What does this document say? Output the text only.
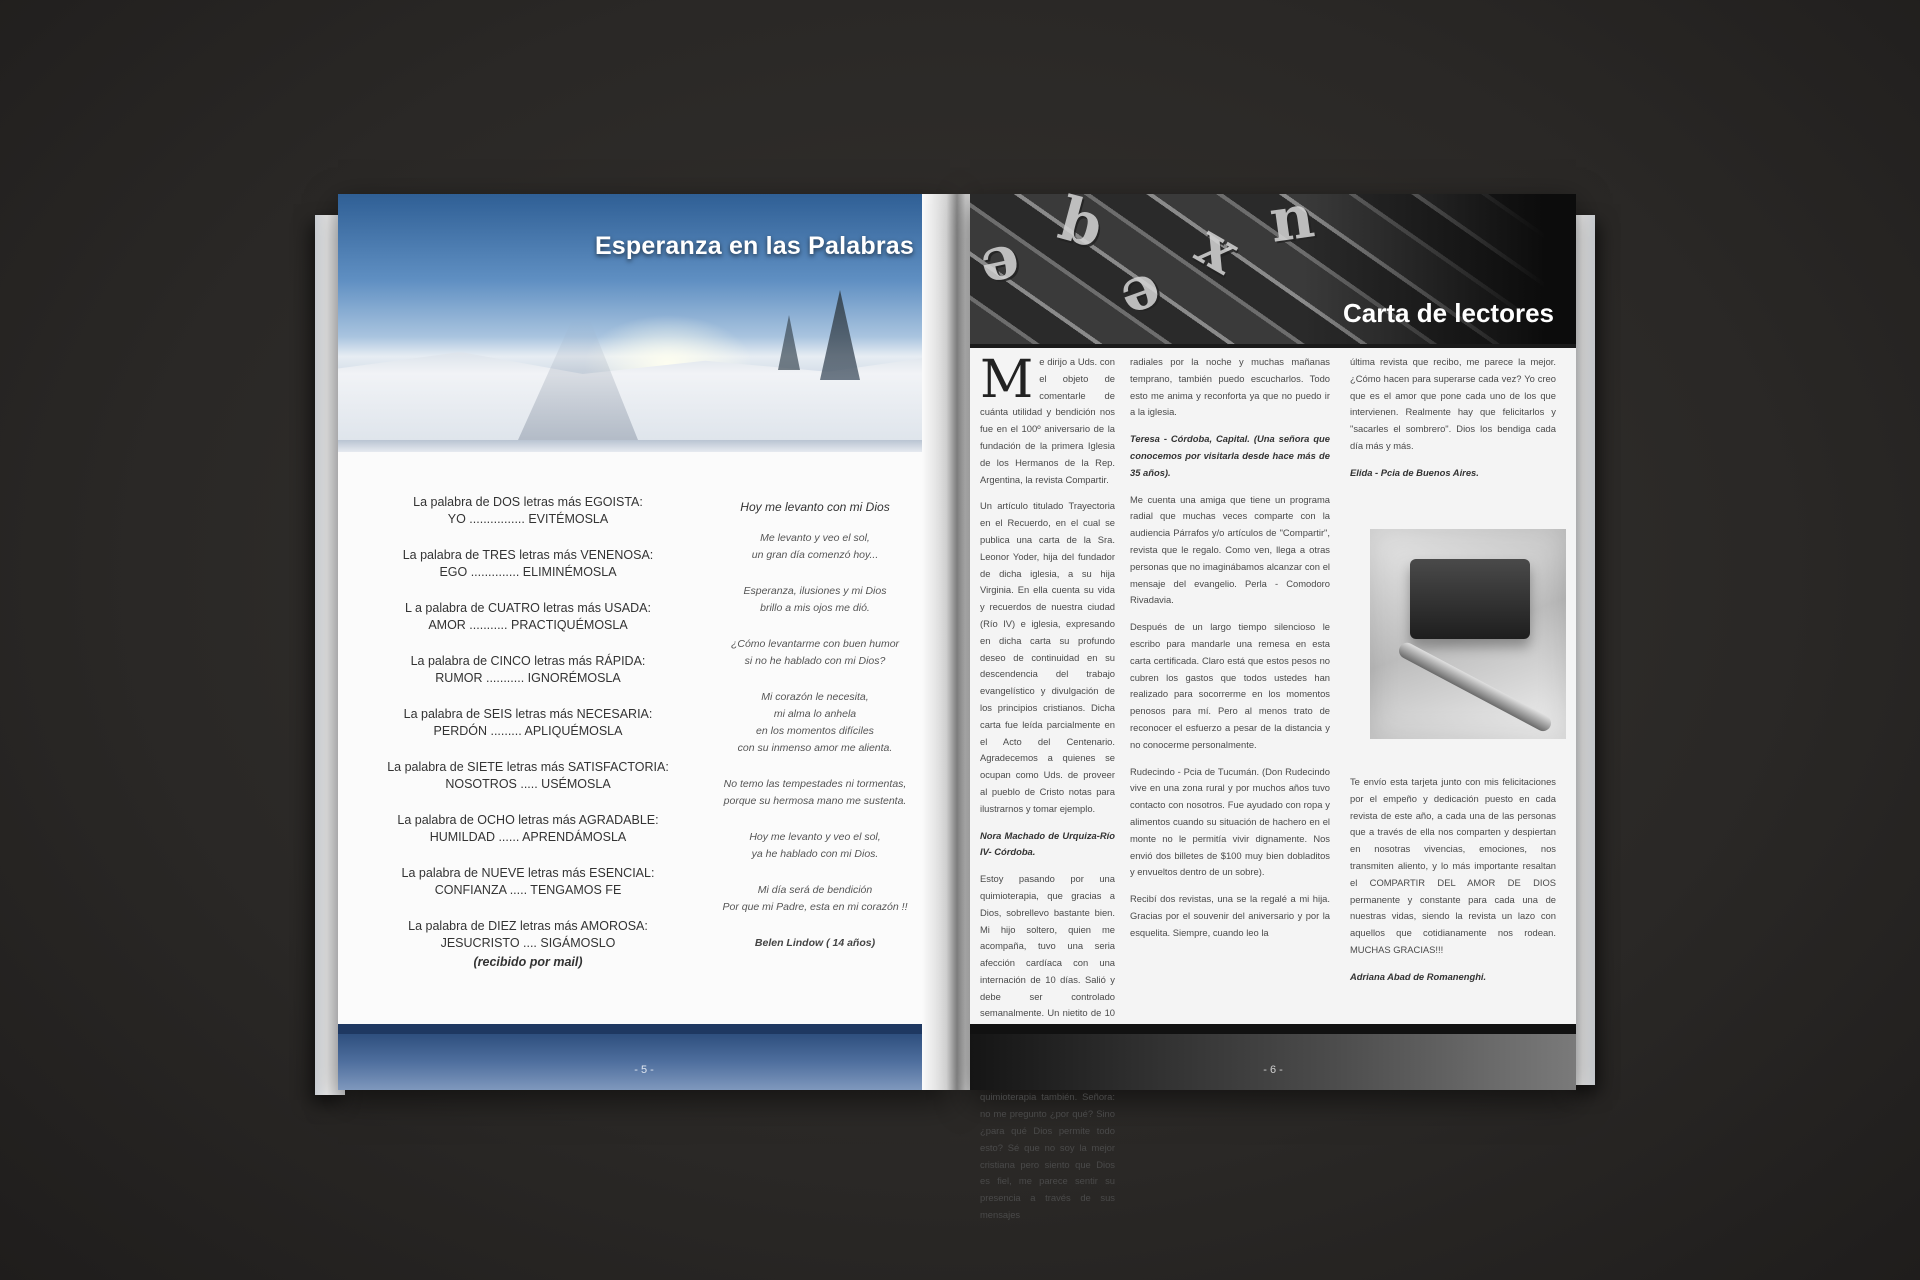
Esperanza en las Palabras
La palabra de DOS letras más EGOISTA:
YO ................ EVITÉMOSLA
La palabra de TRES letras más VENENOSA:
EGO .............. ELIMINÉMOSLA
L a palabra de CUATRO letras más USADA:
AMOR ........... PRACTIQUÉMOSLA
La palabra de CINCO letras más RÁPIDA:
RUMOR ........... IGNORÉMOSLA
La palabra de SEIS letras más NECESARIA:
PERDÓN ......... APLIQUÉMOSLA
La palabra de SIETE letras más SATISFACTORIA:
NOSOTROS ..... USÉMOSLA
La palabra de OCHO letras más AGRADABLE:
HUMILDAD ...... APRENDÁMOSLA
La palabra de NUEVE letras más ESENCIAL:
CONFIANZA ..... TENGAMOS FE
La palabra de DIEZ letras más AMOROSA:
JESUCRISTO .... SIGÁMOSLO
(recibido por mail)
Hoy me levanto con mi Dios
Me levanto y veo el sol,
un gran día comenzó hoy...
Esperanza, ilusiones y mi Dios
brillo a mis ojos me dió.
¿Cómo levantarme con buen humor
si no he hablado con mi Dios?
Mi corazón le necesita,
mi alma lo anhela
en los momentos difíciles
con su inmenso amor me alienta.
No temo las tempestades ni tormentas,
porque su hermosa mano me sustenta.
Hoy me levanto y veo el sol,
ya he hablado con mi Dios.
Mi día será de bendición
Por que mi Padre, esta en mi corazón !!
Belen Lindow ( 14 años)
- 5 -
ə b
ǝ
x n
Carta de lectores

Me dirijo a Uds. con el objeto de comentarle de cuánta utilidad y bendición nos fue en el 100º aniversario de la fundación de la primera Iglesia de los Hermanos de la Rep. Argentina, la revista Compartir.

Un artículo titulado Trayectoria en el Recuerdo, en el cual se publica una carta de la Sra. Leonor Yoder, hija del fundador de dicha iglesia, a su hija Virginia. En ella cuenta su vida y recuerdos de nuestra ciudad (Río IV) e iglesia, expresando en dicha carta su profundo deseo de continuidad en su descendencia del trabajo evangelístico y divulgación de los principios cristianos. Dicha carta fue leída parcialmente en el Acto del Centenario. Agradecemos a quienes se ocupan como Uds. de proveer al pueblo de Cristo notas para ilustrarnos y tomar ejemplo.

Nora Machado de Urquiza-Río IV- Córdoba.

Estoy pasando por una quimioterapia, que gracias a Dios, sobrellevo bastante bien. Mi hijo soltero, quien me acompaña, tuvo una seria afección cardíaca con una internación de 10 días. Salió y debe ser controlado semanalmente. Un nietito de 10 quimioterapia también. Señora: no me pregunto ¿por qué? Sino ¿para qué Dios permite todo esto? Sé que no soy la mejor cristiana pero siento que Dios es fiel, me parece sentir su presencia a través de sus mensajes

radiales por la noche y muchas mañanas temprano, también puedo escucharlos. Todo esto me anima y reconforta ya que no puedo ir a la iglesia.

Teresa - Córdoba, Capital. (Una señora que conocemos por visitarla desde hace más de 35 años).

Me cuenta una amiga que tiene un programa radial que muchas veces comparte con la audiencia Párrafos y/o artículos de "Compartir", revista que le regalo. Como ven, llega a otras personas que no imaginábamos alcanzar con el mensaje del evangelio. Perla - Comodoro Rivadavia.

Después de un largo tiempo silencioso le escribo para mandarle una remesa en esta carta certificada. Claro está que estos pesos no cubren los gastos que todos ustedes han realizado para socorrerme en los momentos penosos para mí. Pero al menos trato de reconocer el esfuerzo a pesar de la distancia y no conocerme personalmente.

Rudecindo - Pcia de Tucumán. (Don Rudecindo vive en una zona rural y por muchos años tuvo contacto con nosotros. Fue ayudado con ropa y alimentos cuando su situación de hachero en el monte no le permitía vivir dignamente. Nos envió dos billetes de $100 muy bien dobladitos y envueltos dentro de un sobre).

Recibí dos revistas, una se la regalé a mi hija. Gracias por el souvenir del aniversario y por la esquelita. Siempre, cuando leo la

última revista que recibo, me parece la mejor. ¿Cómo hacen para superarse cada vez? Yo creo que es el amor que pone cada uno de los que intervienen. Realmente hay que felicitarlos y "sacarles el sombrero". Dios los bendiga cada día más y más.

Elida - Pcia de Buenos Aires.

Te envío esta tarjeta junto con mis felicitaciones por el empeño y dedicación puesto en cada revista de este año, a cada una de las personas que a través de ella nos comparten y despiertan en nosotras vivencias, emociones, nos transmiten aliento, y lo más importante resaltan el COMPARTIR DEL AMOR DE DIOS permanente y constante para cada una de nuestras vidas, siendo la revista un lazo con aquellos que cotidianamente nos rodean. MUCHAS GRACIAS!!!

Adriana Abad de Romanenghi.

- 6 -
